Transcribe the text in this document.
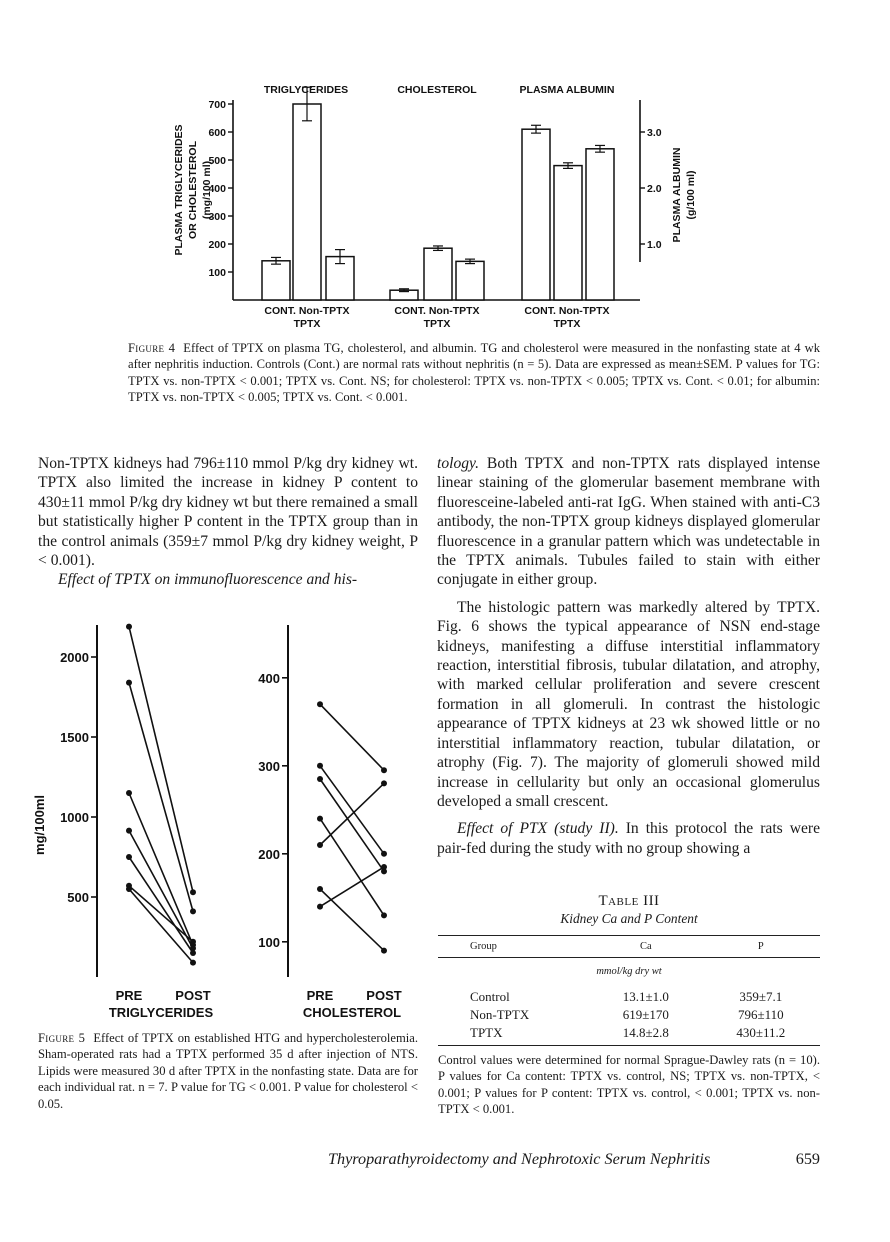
100
200
300
400
500
600
700
1.0
2.0
3.0
TRIGLYCERIDES	CHOLESTEROL	PLASMA ALBUMIN
PLASMA TRIGLYCERIDES OR CHOLESTEROL (mg/100 ml)	PLASMA ALBUMIN (g/100 ml)
CONT. Non-TPTX
TPTX
CONT. Non-TPTX
TPTX
CONT. Non-TPTX
TPTX
Figure 4 Effect of TPTX on plasma TG, cholesterol, and albumin. TG and cholesterol were measured in the nonfasting state at 4 wk after nephritis induction. Controls (Cont.) are normal rats without nephritis (n = 5). Data are expressed as mean±SEM. P values for TG: TPTX vs. non-TPTX < 0.001; TPTX vs. Cont. NS; for cholesterol: TPTX vs. non-TPTX < 0.005; TPTX vs. Cont. < 0.01; for albumin: TPTX vs. non-TPTX < 0.005; TPTX vs. Cont. < 0.001.

Non-TPTX kidneys had 796±110 mmol P/kg dry kidney wt. TPTX also limited the increase in kidney P content to 430±11 mmol P/kg dry kidney wt but there remained a small but statistically higher P content in the TPTX group than in the control animals (359±7 mmol P/kg dry kidney weight, P < 0.001).

Effect of TPTX on immunofluorescence and his-

500
1000
1500
2000
100
200
300
400
mg/100ml
PRE	POST
TRIGLYCERIDES
PRE	POST
CHOLESTEROL
Figure 5 Effect of TPTX on established HTG and hypercholesterolemia. Sham-operated rats had a TPTX performed 35 d after injection of NTS. Lipids were measured 30 d after TPTX in the nonfasting state. Data are for each individual rat. n = 7. P value for TG < 0.001. P value for cholesterol < 0.05.

tology. Both TPTX and non-TPTX rats displayed intense linear staining of the glomerular basement membrane with fluoresceine-labeled anti-rat IgG. When stained with anti-C3 antibody, the non-TPTX group kidneys displayed glomerular fluorescence in a granular pattern which was undetectable in the TPTX animals. Tubules failed to stain with either conjugate in either group.

The histologic pattern was markedly altered by TPTX. Fig. 6 shows the typical appearance of NSN end-stage kidneys, manifesting a diffuse interstitial inflammatory reaction, interstitial fibrosis, tubular dilatation, and atrophy, with marked cellular proliferation and severe crescent formation in all glomeruli. In contrast the histologic appearance of TPTX kidneys at 23 wk showed little or no interstitial inflammatory reaction, tubular dilatation, or atrophy (Fig. 7). The majority of glomeruli showed mild increase in cellularity but only an occasional glomerulus developed a small crescent.

Effect of PTX (study II). In this protocol the rats were pair-fed during the study with no group showing a

Table III
Kidney Ca and P Content
Group	Ca	P
mmol/kg dry wt		
Control	13.1±1.0	359±7.1
Non-TPTX	619±170	796±110
TPTX	14.8±2.8	430±11.2
Control values were determined for normal Sprague-Dawley rats (n = 10). P values for Ca content: TPTX vs. control, NS; TPTX vs. non-TPTX, < 0.001; P values for P content: TPTX vs. control, < 0.001; TPTX vs. non-TPTX < 0.001.
Thyroparathyroidectomy and Nephrotoxic Serum Nephritis	659
